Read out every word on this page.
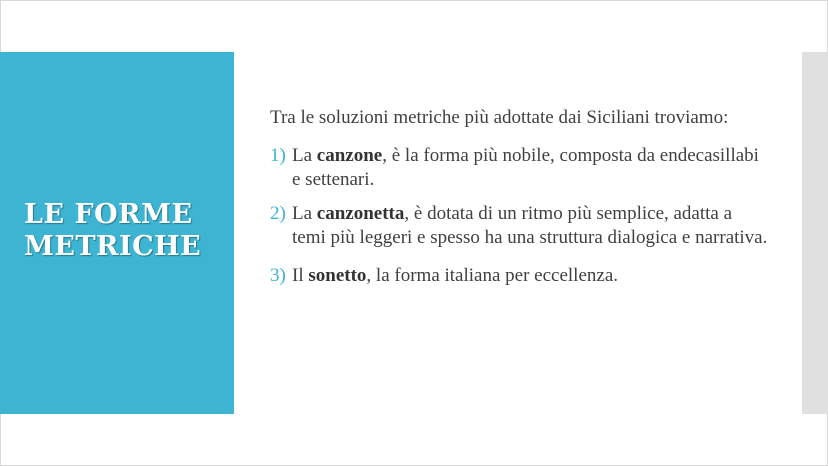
LE FORME METRICHE

Tra le soluzioni metriche più adottate dai Siciliani troviamo:

1) La canzone, è la forma più nobile, composta da endecasillabi e settenari.
2) La canzonetta, è dotata di un ritmo più semplice, adatta a temi più leggeri e spesso ha una struttura dialogica e narrativa.
3) Il sonetto, la forma italiana per eccellenza.
